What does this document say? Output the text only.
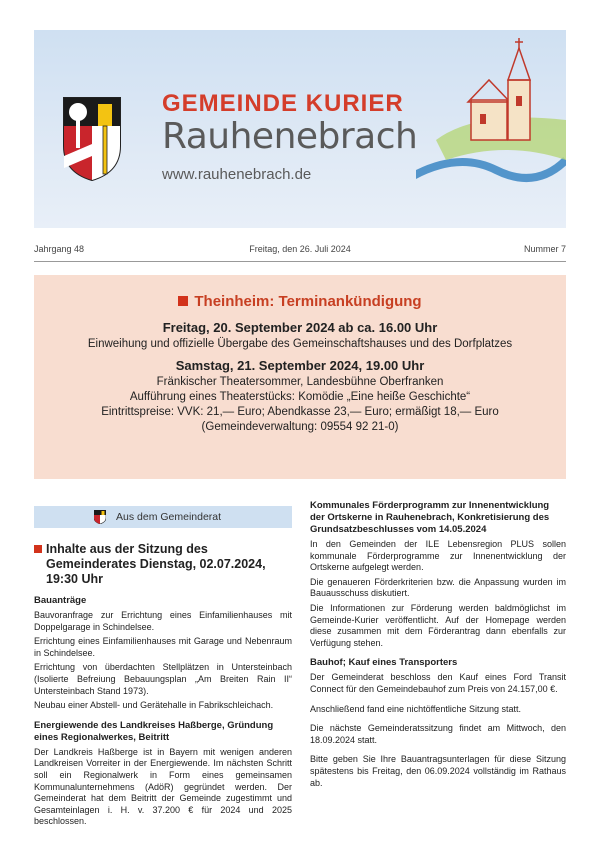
GEMEINDE KURIER
Rauhenebrach
www.rauhenebrach.de
Jahrgang 48	Freitag, den 26. Juli 2024	Nummer 7
Theinheim: Terminankündigung
Freitag, 20. September 2024 ab ca. 16.00 Uhr
Einweihung und offizielle Übergabe des Gemeinschaftshauses und des Dorfplatzes
Samstag, 21. September 2024, 19.00 Uhr
Fränkischer Theatersommer, Landesbühne Oberfranken
Aufführung eines Theaterstücks: Komödie „Eine heiße Geschichte“
Eintrittspreise: VVK: 21,— Euro; Abendkasse 23,— Euro; ermäßigt 18,— Euro
(Gemeindeverwaltung: 09554 92 21-0)
Aus dem Gemeinderat
Inhalte aus der Sitzung des Gemeinderates Dienstag, 02.07.2024, 19:30 Uhr
Bauanträge
Bauvoranfrage zur Errichtung eines Einfamilienhauses mit Doppelgarage in Schindelsee.
Errichtung eines Einfamilienhauses mit Garage und Nebenraum in Schindelsee.
Errichtung von überdachten Stellplätzen in Untersteinbach (Isolierte Befreiung Bebauungsplan „Am Breiten Rain II“ Untersteinbach Stand 1973).
Neubau einer Abstell- und Gerätehalle in Fabrikschleichach.
Energiewende des Landkreises Haßberge, Gründung eines Regionalwerkes, Beitritt
Der Landkreis Haßberge ist in Bayern mit wenigen anderen Landkreisen Vorreiter in der Energiewende. Im nächsten Schritt soll ein Regionalwerk in Form eines gemeinsamen Kommunalunternehmens (AdöR) gegründet werden. Der Gemeinderat hat dem Beitritt der Gemeinde zugestimmt und Gesamteinlagen i. H. v. 37.200 € für 2024 und 2025 beschlossen.
Kommunales Förderprogramm zur Innenentwicklung der Ortskerne in Rauhenebrach, Konkretisierung des Grundsatzbeschlusses vom 14.05.2024
In den Gemeinden der ILE Lebensregion PLUS sollen kommunale Förderprogramme zur Innenentwicklung der Ortskerne aufgelegt werden.
Die genaueren Förderkriterien bzw. die Anpassung wurden im Bauausschuss diskutiert.
Die Informationen zur Förderung werden baldmöglichst im Gemeinde-Kurier veröffentlicht. Auf der Homepage werden diese zusammen mit dem Förderantrag dann ebenfalls zur Verfügung stehen.
Bauhof; Kauf eines Transporters
Der Gemeinderat beschloss den Kauf eines Ford Transit Connect für den Gemeindebauhof zum Preis von 24.157,00 €.
Anschließend fand eine nichtöffentliche Sitzung statt.
Die nächste Gemeinderatssitzung findet am Mittwoch, den 18.09.2024 statt.
Bitte geben Sie Ihre Bauantragsunterlagen für diese Sitzung spätestens bis Freitag, den 06.09.2024 vollständig im Rathaus ab.
